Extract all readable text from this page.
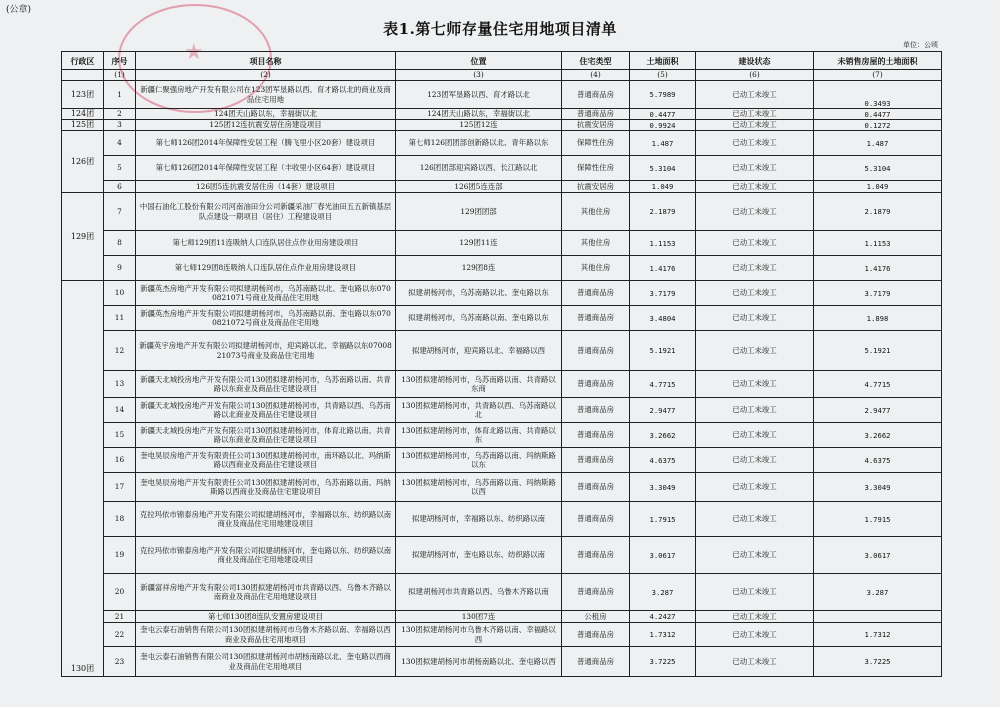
(公章)
★
表1.第七师存量住宅用地项目清单
单位：公顷
行政区	序号	项目名称	位置	住宅类型	土地面积	建设状态	未销售房屋的土地面积
	(1)	(2)	(3)	(4)	(5)	(6)	(7)
123团	1	新疆仁聚强房地产开发有限公司在123团军垦路以西、育才路以北的商业及商品住宅用地	123团军垦路以西、育才路以北	普通商品房	5.7989	已动工未竣工	0.3493
124团	2	124团天山路以东，幸福街以北	124团天山路以东，幸福街以北	普通商品房	0.4477	已动工未竣工	0.4477
125团	3	125团12连抗震安居住房建设项目	125团12连	抗震安居房	0.9924	已动工未竣工	0.1272
126团	4	第七师126团2014年保障性安居工程（腾飞里小区20套）建设项目	第七师126团团部创新路以北、青年路以东	保障性住房	1.487	已动工未竣工	1.487
	5	第七师126团2014年保障性安居工程（丰收里小区64套）建设项目	126团团部迎宾路以西、长江路以北	保障性住房	5.3104	已动工未竣工	5.3104
	6	126团5连抗震安居住房（14套）建设项目	126团5连连部	抗震安居房	1.049	已动工未竣工	1.049
129团	7	中国石油化工股份有限公司河南油田分公司新疆采油厂春光油田五五新镇基层队点建设一期项目（居住）工程建设项目	129团团部	其他住房	2.1879	已动工未竣工	2.1879
	8	第七师129团11连吸纳人口连队居住点作业用房建设项目	129团11连	其他住房	1.1153	已动工未竣工	1.1153
	9	第七师129团8连吸纳人口连队居住点作业用房建设项目	129团8连	其他住房	1.4176	已动工未竣工	1.4176
130团	10	新疆英杰房地产开发有限公司拟建胡杨河市，乌苏南路以北、奎屯路以东0700821071号商业及商品住宅用地	拟建胡杨河市，乌苏南路以北、奎屯路以东	普通商品房	3.7179	已动工未竣工	3.7179
	11	新疆英杰房地产开发有限公司拟建胡杨河市，乌苏南路以南、奎屯路以东0700821072号商业及商品住宅用地	拟建胡杨河市，乌苏南路以南、奎屯路以东	普通商品房	3.4804	已动工未竣工	1.898
	12	新疆英宇房地产开发有限公司拟建胡杨河市，迎宾路以北、幸福路以东0700821073号商业及商品住宅用地	拟建胡杨河市，迎宾路以北、幸福路以西	普通商品房	5.1921	已动工未竣工	5.1921
	13	新疆天北城投房地产开发有限公司130团拟建胡杨河市，乌苏南路以南、共青路以东商业及商品住宅建设项目	130团拟建胡杨河市，乌苏南路以南、共青路以东商	普通商品房	4.7715	已动工未竣工	4.7715
	14	新疆天北城投房地产开发有限公司130团拟建胡杨河市，共青路以西、乌苏南路以北商业及商品住宅建设项目	130团拟建胡杨河市，共青路以西、乌苏南路以北	普通商品房	2.9477	已动工未竣工	2.9477
	15	新疆天北城投房地产开发有限公司130团拟建胡杨河市，体育北路以南、共青路以东商业及商品住宅建设项目	130团拟建胡杨河市，体育北路以南、共青路以东	普通商品房	3.2662	已动工未竣工	3.2662
	16	奎电昊辰房地产开发有限责任公司130团拟建胡杨河市，南环路以北、玛纳斯路以西商业及商品住宅建设项目	130团拟建胡杨河市，乌苏南路以南、玛纳斯路以东	普通商品房	4.6375	已动工未竣工	4.6375
	17	奎电昊辰房地产开发有限责任公司130团拟建胡杨河市，乌苏南路以南、玛纳斯路以西商业及商品住宅建设项目	130团拟建胡杨河市，乌苏南路以南、玛纳斯路以西	普通商品房	3.3049	已动工未竣工	3.3049
	18	克拉玛依市锦泰房地产开发有限公司拟建胡杨河市，幸福路以东、纺织路以南商业及商品住宅用地建设项目	拟建胡杨河市，幸福路以东、纺织路以南	普通商品房	1.7915	已动工未竣工	1.7915
	19	克拉玛依市锦泰房地产开发有限公司拟建胡杨河市，奎屯路以东、纺织路以南商业及商品住宅用地建设项目	拟建胡杨河市，奎屯路以东、纺织路以南	普通商品房	3.0617	已动工未竣工	3.0617
	20	新疆富祥房地产开发有限公司130团拟建胡杨河市共青路以西、乌鲁木齐路以南商业及商品住宅用地建设项目	拟建胡杨河市共青路以西、乌鲁木齐路以南	普通商品房	3.287	已动工未竣工	3.287
	21	第七师130团8连队安置房建设项目	130团7连	公租房	4.2427	已动工未竣工	
	22	奎屯云泰石油销售有限公司130团拟建胡杨河市乌鲁木齐路以南、幸福路以西商业及商品住宅用地项目	130团拟建胡杨河市乌鲁木齐路以南、幸福路以西	普通商品房	1.7312	已动工未竣工	1.7312
	23	奎屯云泰石油销售有限公司130团拟建胡杨河市胡杨南路以北、奎屯路以西商业及商品住宅用地项目	130团拟建胡杨河市胡杨南路以北、奎屯路以西	普通商品房	3.7225	已动工未竣工	3.7225
